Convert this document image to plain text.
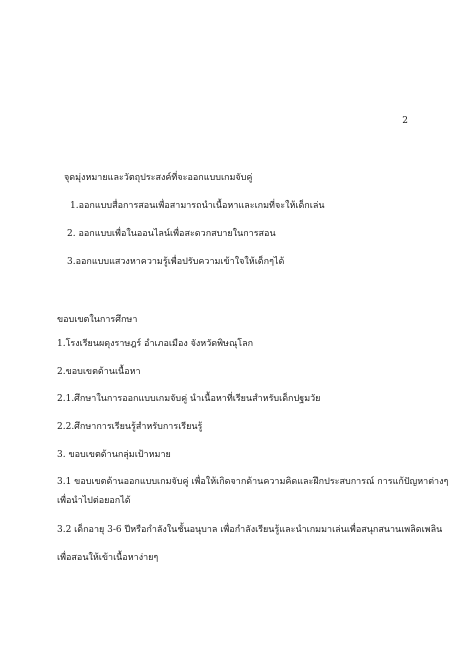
2
จุดมุ่งหมายและวัตถุประสงค์ที่จะออกแบบเกมจับคู่
1.ออกแบบสื่อการสอนเพื่อสามารถนำเนื้อหาและเกมที่จะให้เด็กเล่น
2. ออกแบบเพื่อในออนไลน์เพื่อสะดวกสบายในการสอน
3.ออกแบบแสวงหาความรู้เพื่อปรับความเข้าใจให้เด็กๆได้
ขอบเขตในการศึกษา
1.โรงเรียนผดุงราษฎร์ อำเภอเมือง จังหวัดพิษณุโลก
2.ขอบเขตด้านเนื้อหา
2.1.ศึกษาในการออกแบบเกมจับคู่ นำเนื้อหาที่เรียนสำหรับเด็กปฐมวัย
2.2.ศึกษาการเรียนรู้สำหรับการเรียนรู้
3. ขอบเขตด้านกลุ่มเป้าหมาย
3.1 ขอบเขตด้านออกแบบเกมจับคู่ เพื่อให้เกิดจากด้านความคิดและฝึกประสบการณ์ การแก้ปัญหาต่างๆ
เพื่อนำไปต่อยอกได้
3.2 เด็กอายุ 3-6 ปีหรือกำลังในชั้นอนุบาล เพื่อกำลังเรียนรู้และนำเกมมาเล่นเพื่อสนุกสนานเพลิดเพลิน
เพื่อสอนให้เข้าเนื้อหาง่ายๆ
